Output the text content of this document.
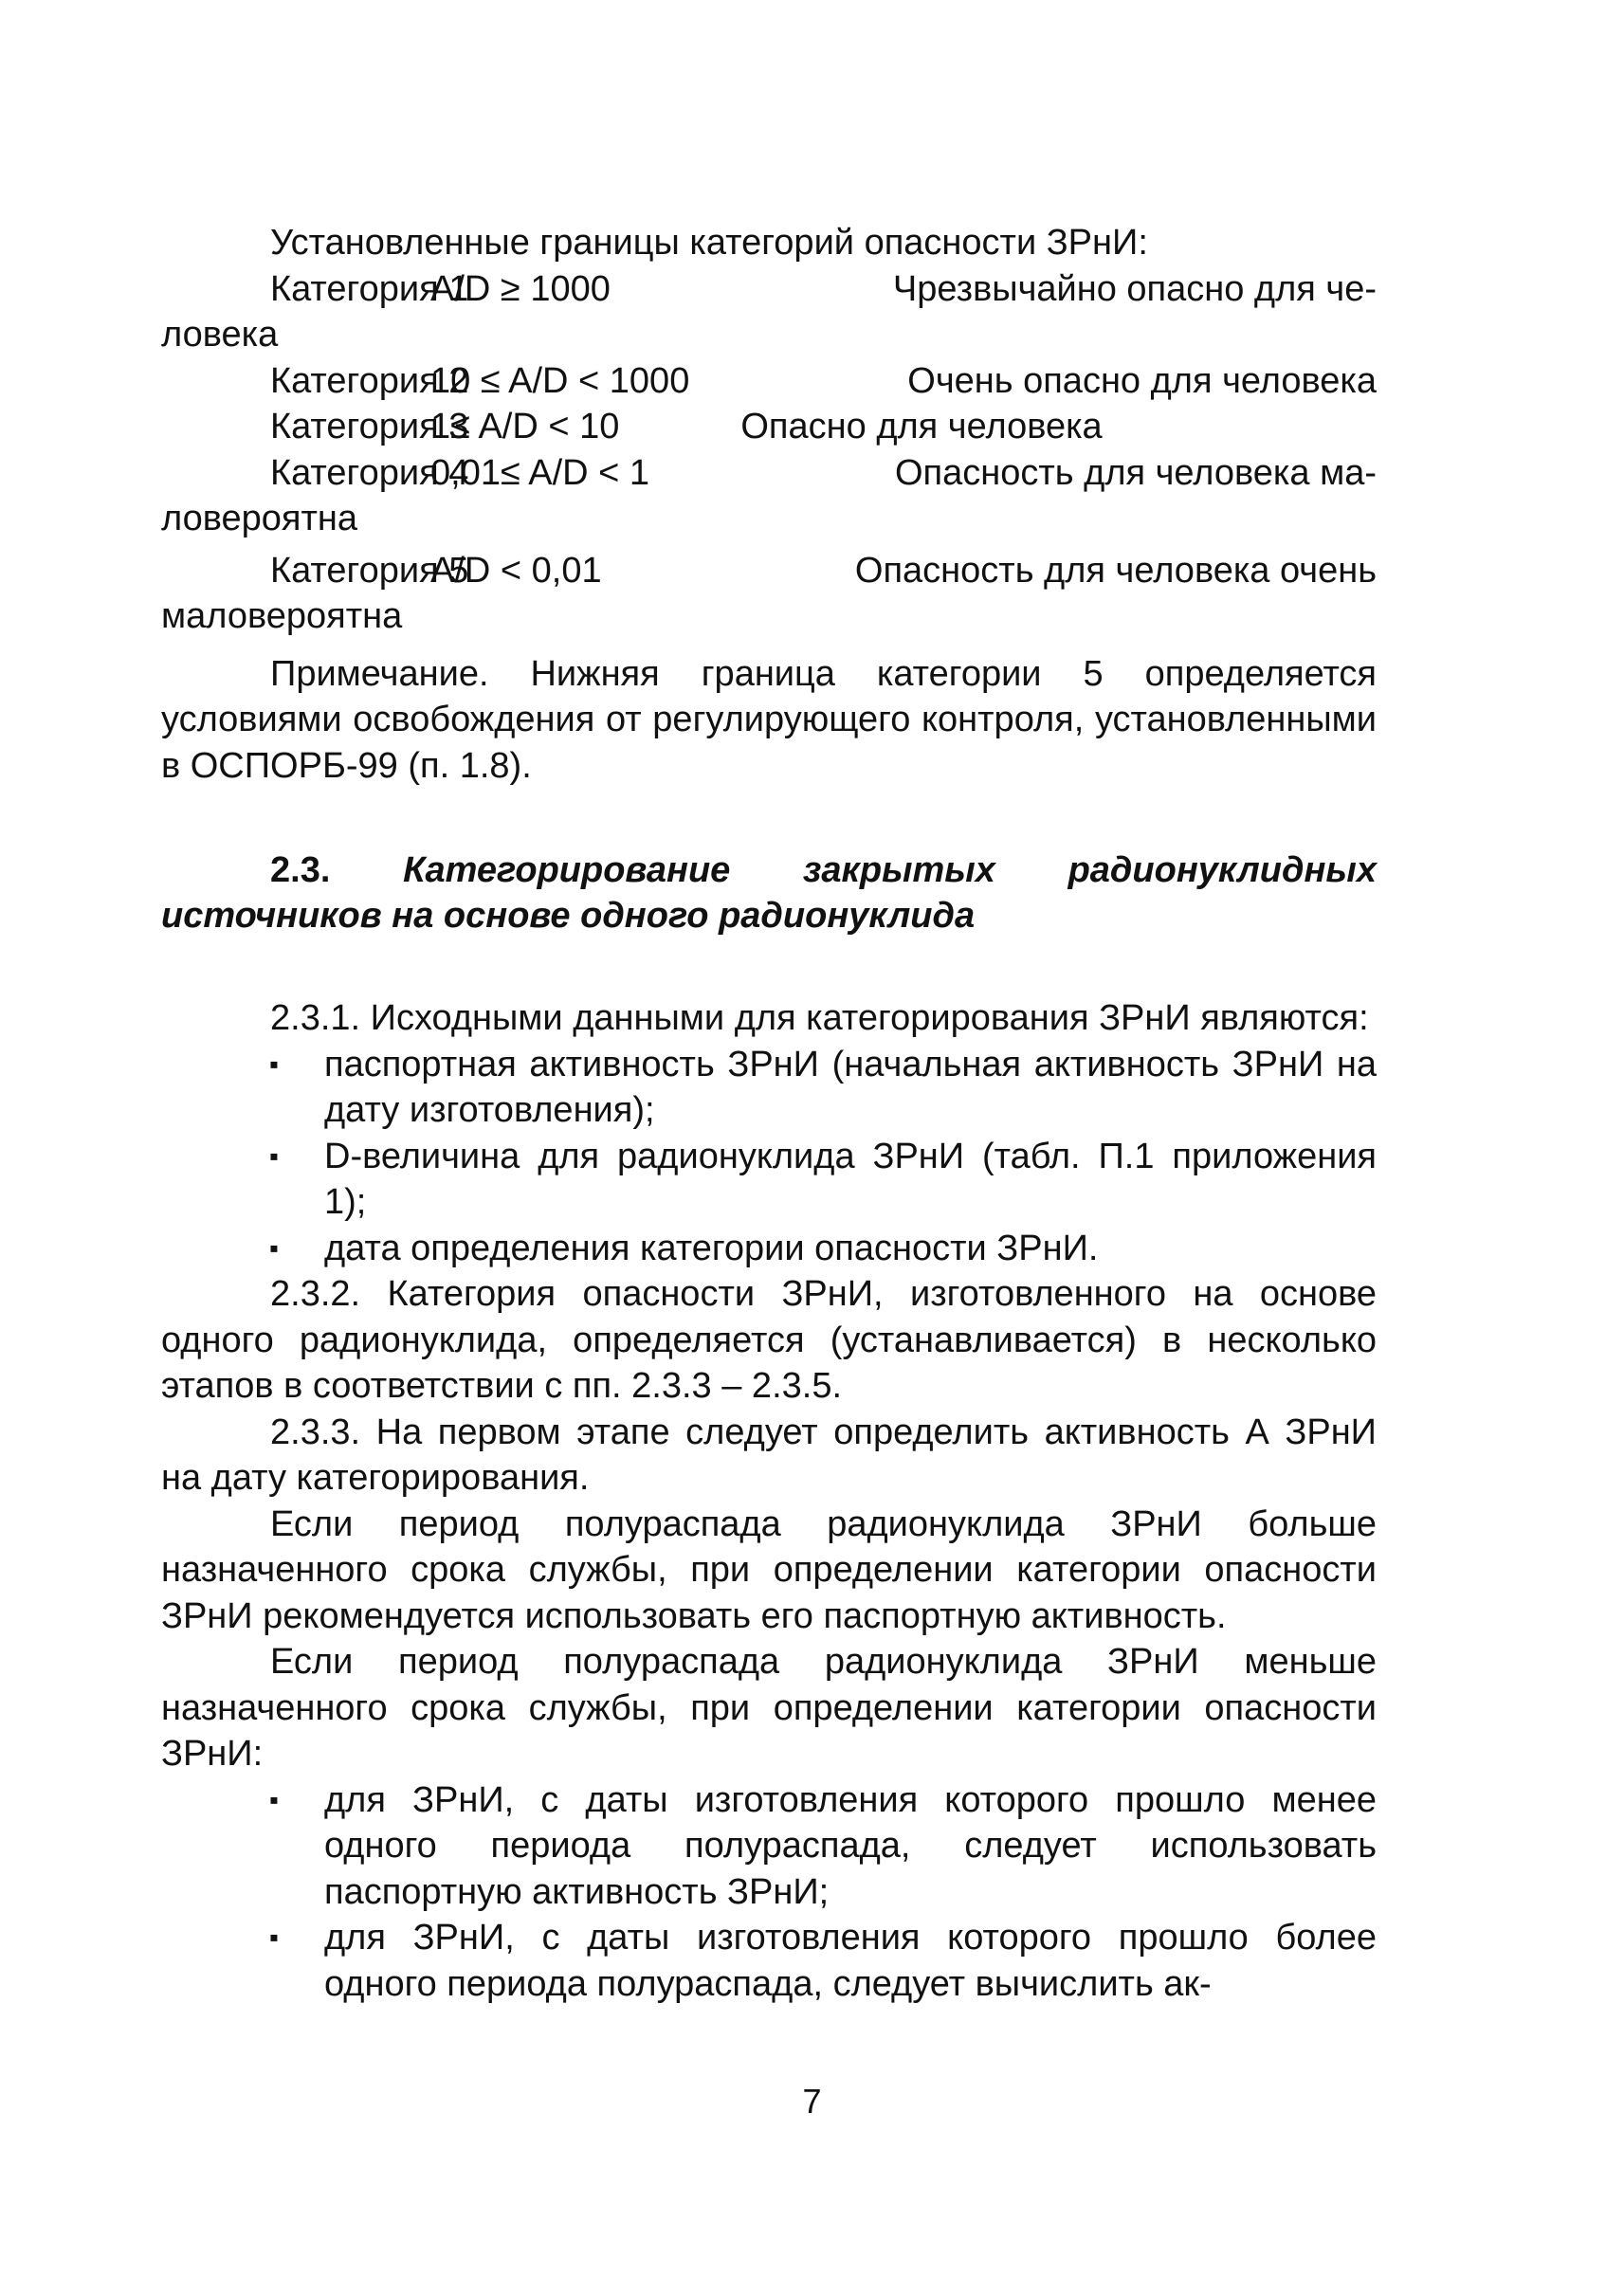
Установленные границы категорий опасности ЗРнИ:

Категория 1
A/D ≥ 1000	Чрезвычайно опасно для че-

ловека

Категория 2
10 ≤ A/D < 1000	Очень опасно для человека
Категория 3
1≤ A/D < 10	Опасно для человека
Категория 4
0,01≤ A/D < 1	Опасность для человека ма-

ловероятна

Категория 5
A/D < 0,01	Опасность для человека очень

маловероятна

Примечание. Нижняя граница категории 5 определяется условиями освобождения от регулирующего контроля, установленными в ОСПОРБ-99 (п. 1.8).

2.3. Категорирование закрытых радионуклидных источников на основе одного радионуклида

2.3.1. Исходными данными для категорирования ЗРнИ являются:

▪ паспортная активность ЗРнИ (начальная активность ЗРнИ на дату изготовления);
▪ D-величина для радионуклида ЗРнИ (табл. П.1 приложения 1);
▪ дата определения категории опасности ЗРнИ.

2.3.2. Категория опасности ЗРнИ, изготовленного на основе одного радионуклида, определяется (устанавливается) в несколько этапов в соответствии с пп. 2.3.3 – 2.3.5.

2.3.3. На первом этапе следует определить активность А ЗРнИ на дату категорирования.

Если период полураспада радионуклида ЗРнИ больше назначенного срока службы, при определении категории опасности ЗРнИ рекомендуется использовать его паспортную активность.

Если период полураспада радионуклида ЗРнИ меньше назначенного срока службы, при определении категории опасности ЗРнИ:

▪ для ЗРнИ, с даты изготовления которого прошло менее одного периода полураспада, следует использовать паспортную активность ЗРнИ;
▪ для ЗРнИ, с даты изготовления которого прошло более одного периода полураспада, следует вычислить ак-
7
